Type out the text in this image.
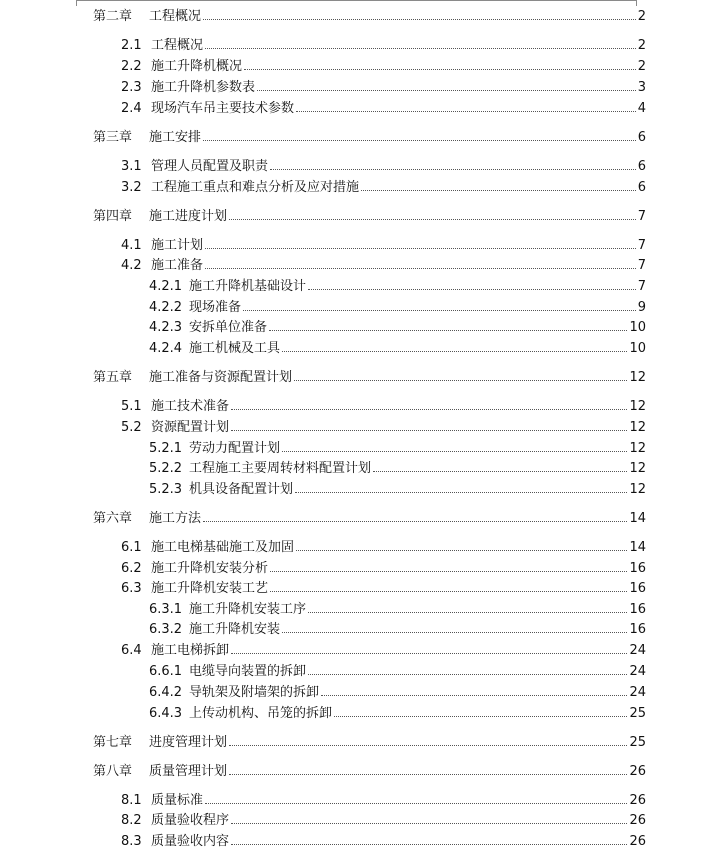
第二章	工程概况	2
2.1 工程概况	2
2.2 施工升降机概况	2
2.3 施工升降机参数表	3
2.4 现场汽车吊主要技术参数	4
第三章	施工安排	6
3.1 管理人员配置及职责	6
3.2 工程施工重点和难点分析及应对措施	6
第四章	施工进度计划	7
4.1 施工计划	7
4.2 施工准备	7
4.2.1 施工升降机基础设计	7
4.2.2 现场准备	9
4.2.3 安拆单位准备	10
4.2.4 施工机械及工具	10
第五章	施工准备与资源配置计划	12
5.1 施工技术准备	12
5.2 资源配置计划	12
5.2.1 劳动力配置计划	12
5.2.2 工程施工主要周转材料配置计划	12
5.2.3 机具设备配置计划	12
第六章	施工方法	14
6.1 施工电梯基础施工及加固	14
6.2 施工升降机安装分析	16
6.3 施工升降机安装工艺	16
6.3.1 施工升降机安装工序	16
6.3.2 施工升降机安装	16
6.4 施工电梯拆卸	24
6.6.1 电缆导向装置的拆卸	24
6.4.2 导轨架及附墙架的拆卸	24
6.4.3 上传动机构、吊笼的拆卸	25
第七章	进度管理计划	25
第八章	质量管理计划	26
8.1 质量标准	26
8.2 质量验收程序	26
8.3 质量验收内容	26
